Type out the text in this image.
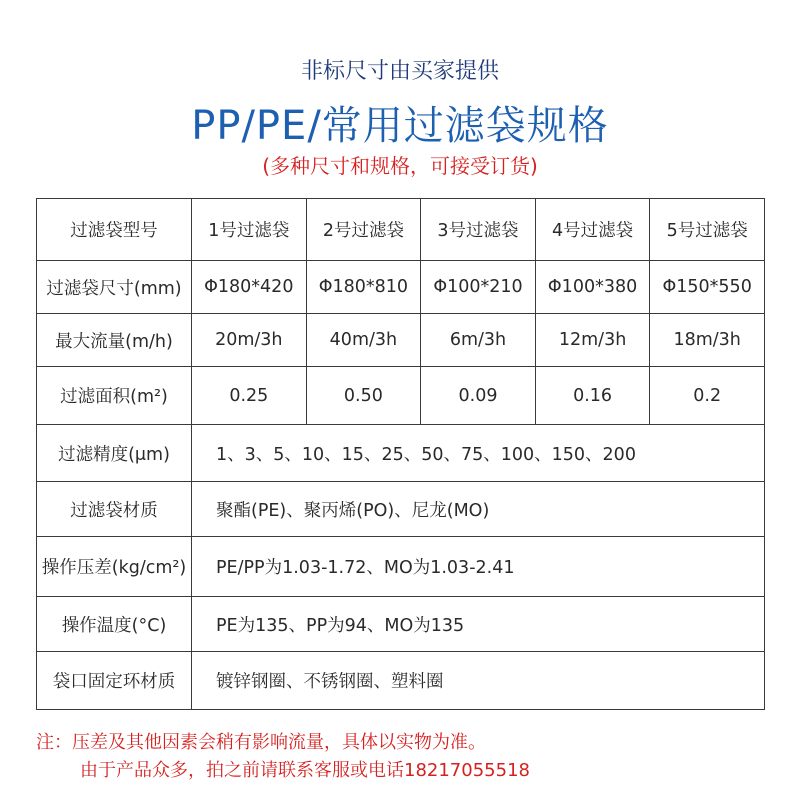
非标尺寸由买家提供
PP/PE/常用过滤袋规格
(多种尺寸和规格，可接受订货)
过滤袋型号	1号过滤袋	2号过滤袋	3号过滤袋	4号过滤袋	5号过滤袋
过滤袋尺寸(mm)	Φ180*420	Φ180*810	Φ100*210	Φ100*380	Φ150*550
最大流量(m/h)	20m/3h	40m/3h	6m/3h	12m/3h	18m/3h
过滤面积(m²)	0.25	0.50	0.09	0.16	0.2
过滤精度(μm)	1、3、5、10、15、25、50、75、100、150、200				
过滤袋材质	聚酯(PE)、聚丙烯(PO)、尼龙(MO)				
操作压差(kg/cm²)	PE/PP为1.03-1.72、MO为1.03-2.41				
操作温度(°C)	PE为135、PP为94、MO为135				
袋口固定环材质	镀锌钢圈、不锈钢圈、塑料圈				
注：压差及其他因素会稍有影响流量，具体以实物为准。
由于产品众多，拍之前请联系客服或电话18217055518
